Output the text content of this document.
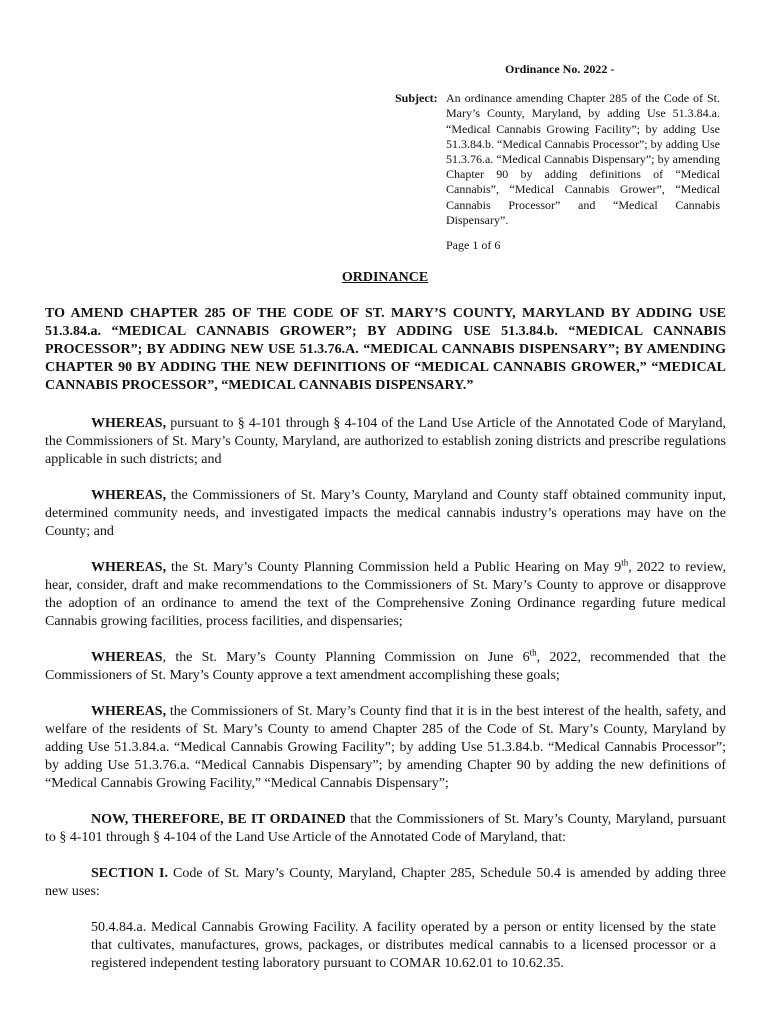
Ordinance No. 2022 -
Subject: An ordinance amending Chapter 285 of the Code of St. Mary’s County, Maryland, by adding Use 51.3.84.a. “Medical Cannabis Growing Facility”; by adding Use 51.3.84.b. “Medical Cannabis Processor”; by adding Use 51.3.76.a. “Medical Cannabis Dispensary”; by amending Chapter 90 by adding definitions of “Medical Cannabis”, “Medical Cannabis Grower”, “Medical Cannabis Processor” and “Medical Cannabis Dispensary”.
Page 1 of 6
ORDINANCE

TO AMEND CHAPTER 285 OF THE CODE OF ST. MARY’S COUNTY, MARYLAND BY ADDING USE 51.3.84.a. “MEDICAL CANNABIS GROWER”; BY ADDING USE 51.3.84.b. “MEDICAL CANNABIS PROCESSOR”; BY ADDING NEW USE 51.3.76.A. “MEDICAL CANNABIS DISPENSARY”; BY AMENDING CHAPTER 90 BY ADDING THE NEW DEFINITIONS OF “MEDICAL CANNABIS GROWER,” “MEDICAL CANNABIS PROCESSOR”, “MEDICAL CANNABIS DISPENSARY.”

WHEREAS, pursuant to § 4-101 through § 4-104 of the Land Use Article of the Annotated Code of Maryland, the Commissioners of St. Mary’s County, Maryland, are authorized to establish zoning districts and prescribe regulations applicable in such districts; and

WHEREAS, the Commissioners of St. Mary’s County, Maryland and County staff obtained community input, determined community needs, and investigated impacts the medical cannabis industry’s operations may have on the County; and

WHEREAS, the St. Mary’s County Planning Commission held a Public Hearing on May 9th, 2022 to review, hear, consider, draft and make recommendations to the Commissioners of St. Mary’s County to approve or disapprove the adoption of an ordinance to amend the text of the Comprehensive Zoning Ordinance regarding future medical Cannabis growing facilities, process facilities, and dispensaries;

WHEREAS, the St. Mary’s County Planning Commission on June 6th, 2022, recommended that the Commissioners of St. Mary’s County approve a text amendment accomplishing these goals;

WHEREAS, the Commissioners of St. Mary’s County find that it is in the best interest of the health, safety, and welfare of the residents of St. Mary’s County to amend Chapter 285 of the Code of St. Mary’s County, Maryland by adding Use 51.3.84.a. “Medical Cannabis Growing Facility”; by adding Use 51.3.84.b. “Medical Cannabis Processor”; by adding Use 51.3.76.a. “Medical Cannabis Dispensary”; by amending Chapter 90 by adding the new definitions of “Medical Cannabis Growing Facility,” “Medical Cannabis Dispensary”;

NOW, THEREFORE, BE IT ORDAINED that the Commissioners of St. Mary’s County, Maryland, pursuant to § 4-101 through § 4-104 of the Land Use Article of the Annotated Code of Maryland, that:

SECTION I. Code of St. Mary’s County, Maryland, Chapter 285, Schedule 50.4 is amended by adding three new uses:

50.4.84.a. Medical Cannabis Growing Facility. A facility operated by a person or entity licensed by the state that cultivates, manufactures, grows, packages, or distributes medical cannabis to a licensed processor or a registered independent testing laboratory pursuant to COMAR 10.62.01 to 10.62.35.
